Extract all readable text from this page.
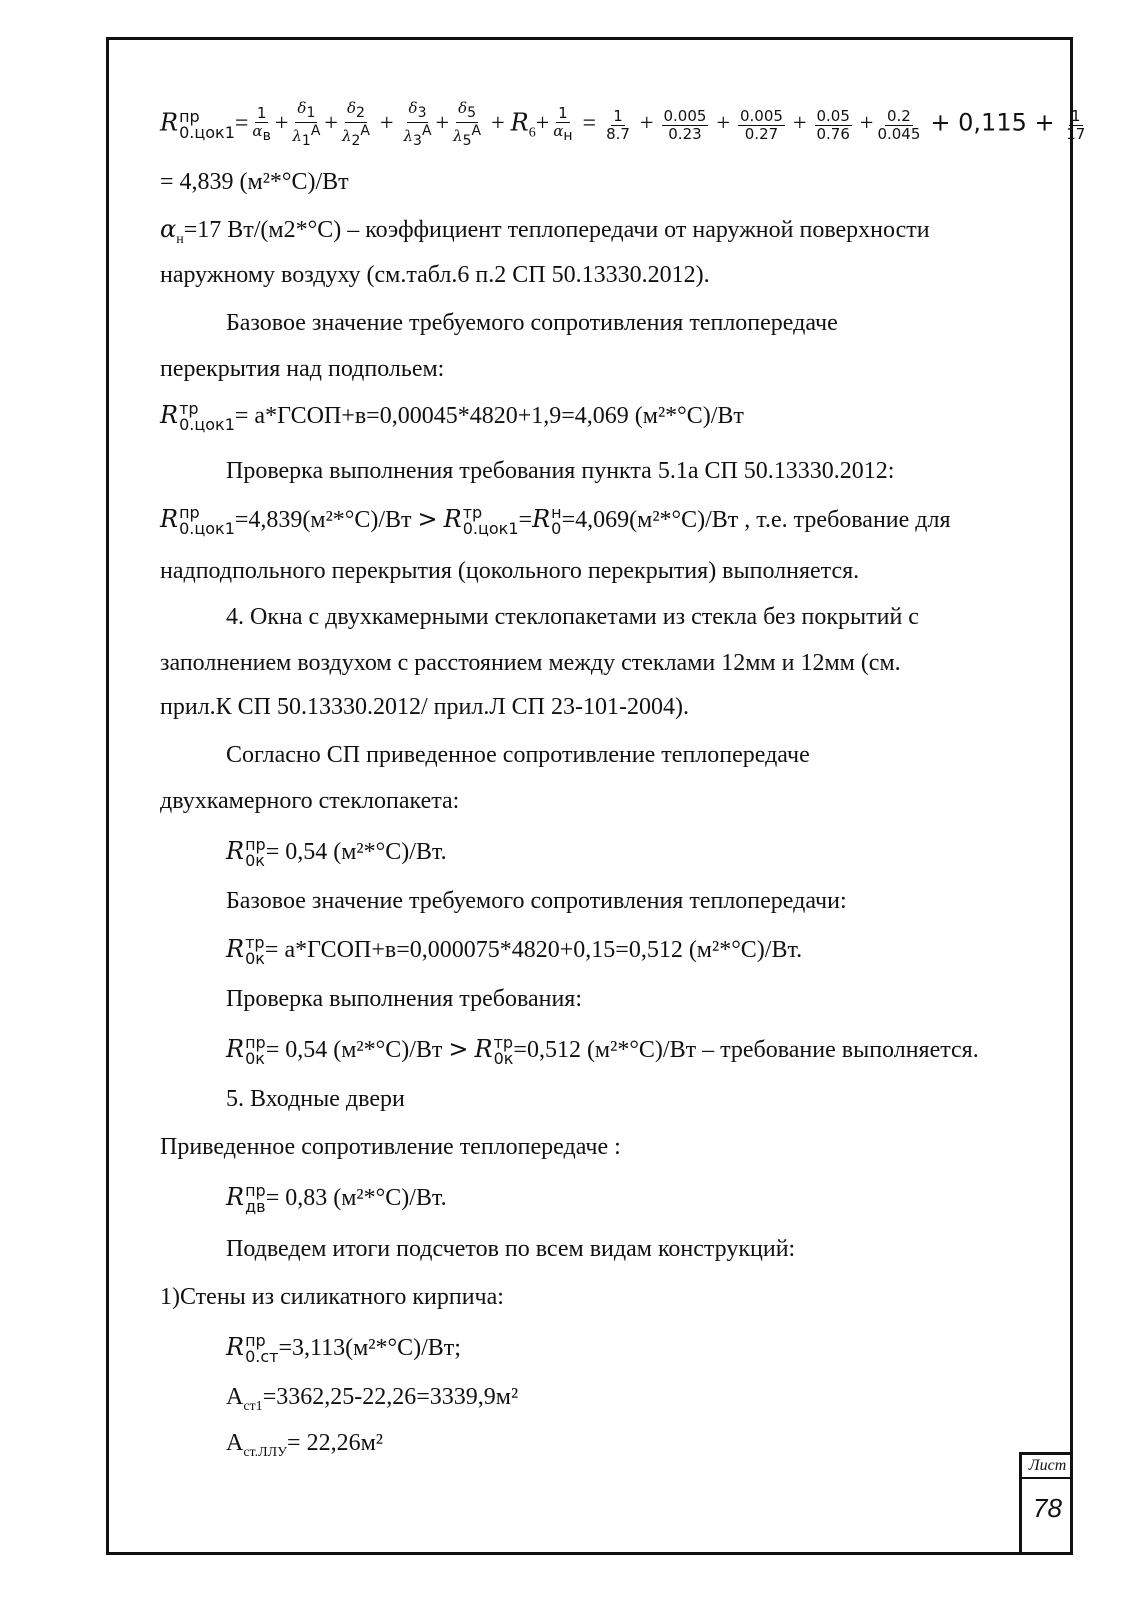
R пр
$0.цок1 = \frac{1}{\alpha_в} + \frac{\delta_1}{\lambda_1^А} + \frac{\delta_2}{\lambda_2^А} + \frac{\delta_3}{\lambda_3^А} + \frac{\delta_5}{\lambda_5^А} + R_6+ \frac{1}{\alpha_н} = \frac{1}{8.7} + \frac{0.005}{0.23} + \frac{0.005}{0.27} + \frac{0.05}{0.76} + \frac{0.2}{0.045} + 0,115 + \frac{1}{17}$
= 4,839 (м²*°С)/Вт
$\alpha_н=17$ Вт/(м2*°С) – коэффициент теплопередачи от наружной поверхности
наружному воздуху (см.табл.6 п.2 СП 50.13330.2012).
Базовое значение требуемого сопротивления теплопередаче
перекрытия над подпольем:
R тр
0.цок1 = а*ГСОП+в=0,00045*4820+1,9=4,069 (м²*°С)/Вт
Проверка выполнения требования пункта 5.1а СП 50.13330.2012:
R пр
0.цок1 =4,839(м²*°С)/Вт > R тр
0.цок1 =R н
0 =4,069(м²*°С)/Вт , т.е. требование для
надподпольного перекрытия (цокольного перекрытия) выполняется.
4. Окна с двухкамерными стеклопакетами из стекла без покрытий с
заполнением воздухом с расстоянием между стеклами 12мм и 12мм (см.
прил.К СП 50.13330.2012/ прил.Л СП 23-101-2004).
Согласно СП приведенное сопротивление теплопередаче
двухкамерного стеклопакета:
R пр
0к = 0,54 (м²*°С)/Вт.
Базовое значение требуемого сопротивления теплопередачи:
R тр
0к = а*ГСОП+в=0,000075*4820+0,15=0,512 (м²*°С)/Вт.
Проверка выполнения требования:
R пр
0к = 0,54 (м²*°С)/Вт > R тр
0к =0,512 (м²*°С)/Вт – требование выполняется.
5. Входные двери
Приведенное сопротивление теплопередаче :
R пр
дв = 0,83 (м²*°С)/Вт.
Подведем итоги подсчетов по всем видам конструкций:
1)Стены из силикатного кирпича:
R пр
0.ст =3,113(м²*°С)/Вт;
$A_{ст1}=3362,25-22,26=3339,9м^2$
$A_{ст.ЛЛУ}= 22,26м^2$
Лист
78
